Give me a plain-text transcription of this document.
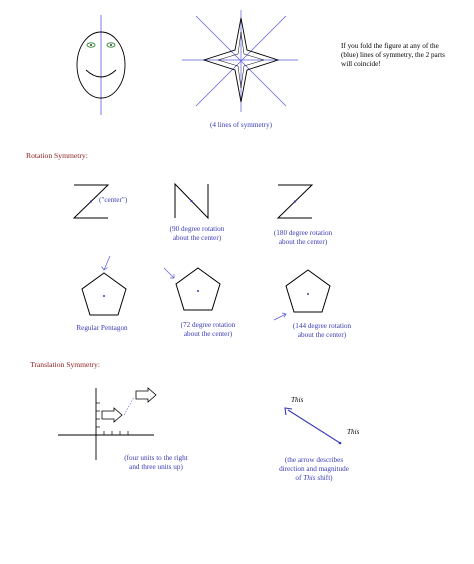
(4 lines of symmetry)
If you fold the figure at any of the
(blue) lines of symmetry, the 2 parts
will coincide!
Rotation Symmetry:
("center")
(90 degree rotation
about the center)
(180 degree rotation
about the center)
Regular Pentagon	(72 degree rotation
about the center)
(144 degree rotation
about the center)
Translation Symmetry:
(four units to the right
and three units up)
This
This
(the arrow describes
direction and magnitude
of This shift)
